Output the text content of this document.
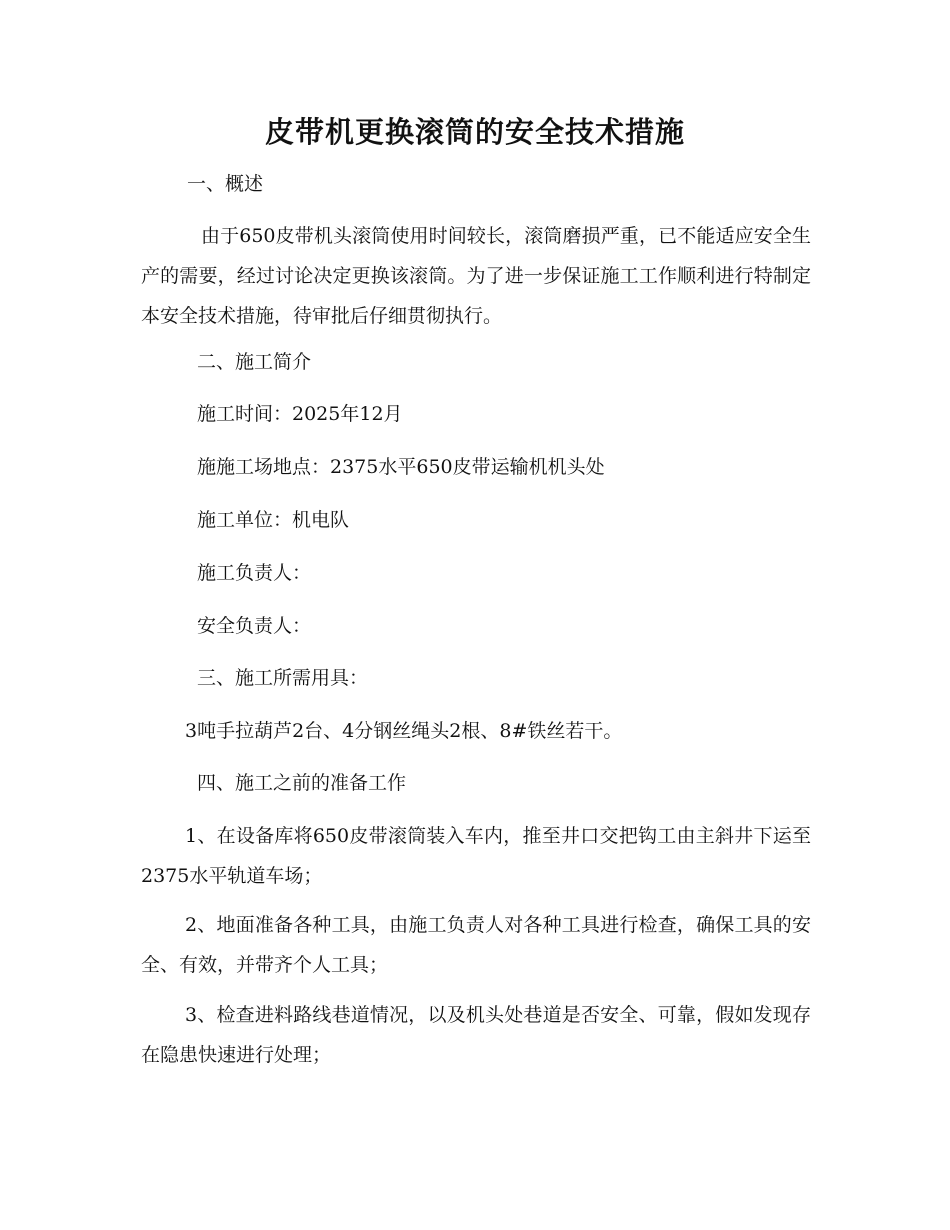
皮带机更换滚筒的安全技术措施

一、概述

由于650皮带机头滚筒使用时间较长，滚筒磨损严重，已不能适应安全生产的需要，经过讨论决定更换该滚筒。为了进一步保证施工工作顺利进行特制定本安全技术措施，待审批后仔细贯彻执行。

二、施工简介

施工时间：2025年12月

施施工场地点：2375水平650皮带运输机机头处

施工单位：机电队

施工负责人：

安全负责人：

三、施工所需用具：

3吨手拉葫芦2台、4分钢丝绳头2根、8#铁丝若干。

四、施工之前的准备工作

1、在设备库将650皮带滚筒装入车内，推至井口交把钩工由主斜井下运至2375水平轨道车场；

2、地面准备各种工具，由施工负责人对各种工具进行检查，确保工具的安全、有效，并带齐个人工具；

3、检查进料路线巷道情况，以及机头处巷道是否安全、可靠，假如发现存在隐患快速进行处理；
